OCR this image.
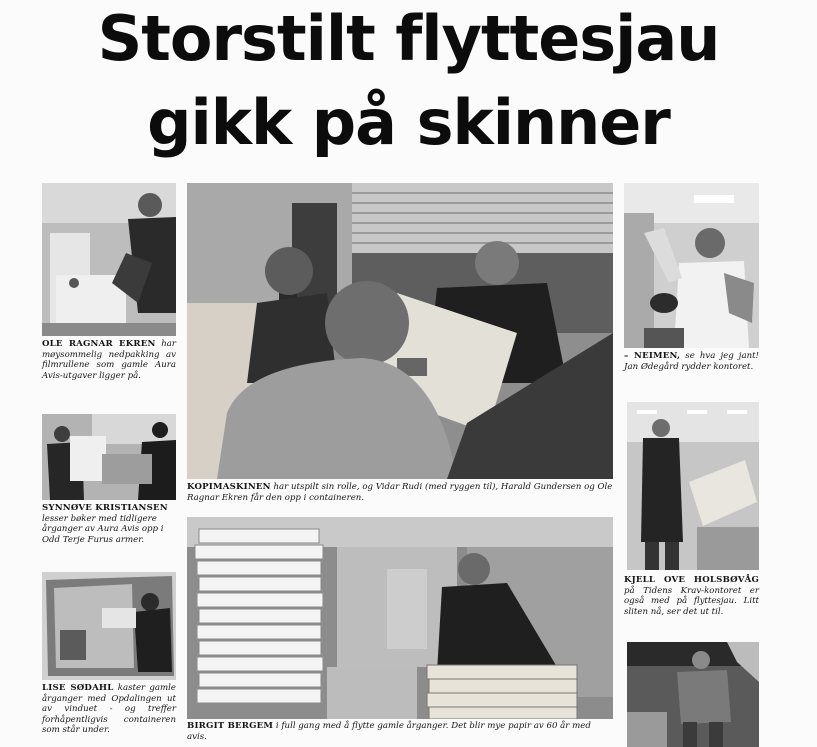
Storstilt flyttesjau
gikk på skinner
OLE RAGNAR EKREN har møysommelig nedpakking av filmrullene som gamle Aura Avis-utgaver ligger på.
KOPIMASKINEN har utspilt sin rolle, og Vidar Rudi (med ryggen til), Harald Gundersen og Ole Ragnar Ekren får den opp i containeren.
– NEIMEN, se hva jeg jant! Jan Ødegård rydder kontoret.
SYNNØVE KRISTIANSEN lesser bøker med tidligere årganger av Aura Avis opp i Odd Terje Furus armer.
KJELL OVE HOLSBØVÅG på Tidens Krav-kontoret er også med på flyttesjau. Litt sliten nå, ser det ut til.
LISE SØDAHL kaster gamle årganger med Opdalingen ut av vinduet - og treffer forhåpentligvis containeren som står under.	BIRGIT BERGEM i full gang med å flytte gamle årganger. Det blir mye papir av 60 år med avis.
